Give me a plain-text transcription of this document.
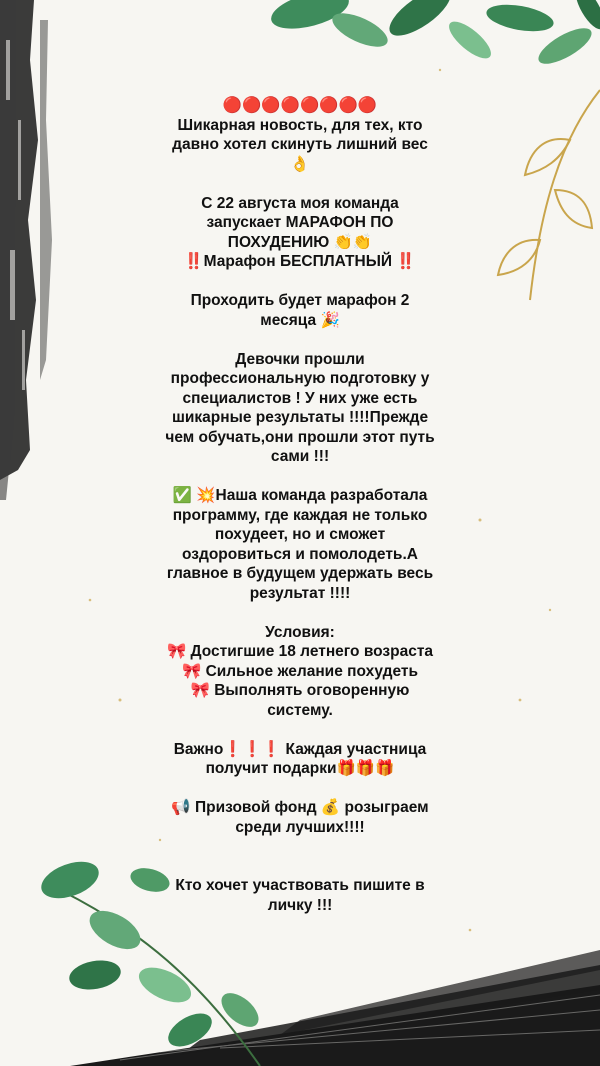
🔴🔴🔴🔴🔴🔴🔴🔴
Шикарная новость, для тех, кто
давно хотел скинуть лишний вес
👌
С 22 августа моя команда
запускает МАРАФОН ПО
ПОХУДЕНИЮ 👏👏
‼️Марафон БЕСПЛАТНЫЙ ‼️
Проходить будет марафон 2
месяца 🎉
Девочки прошли
профессиональную подготовку у
специалистов ! У них уже есть
шикарные результаты !!!!Прежде
чем обучать,они прошли этот путь
сами !!!
✅ 💥Наша команда разработала
программу, где каждая не только
похудеет, но и сможет
оздоровиться и помолодеть.А
главное в будущем удержать весь
результат !!!!
Условия:
🎀 Достигшие 18 летнего возраста
🎀 Сильное желание похудеть
🎀 Выполнять оговоренную
систему.
Важно❗❗❗ Каждая участница
получит подарки🎁🎁🎁
📢 Призовой фонд 💰 розыграем
среди лучших!!!!
Кто хочет участвовать пишите в
личку !!!
